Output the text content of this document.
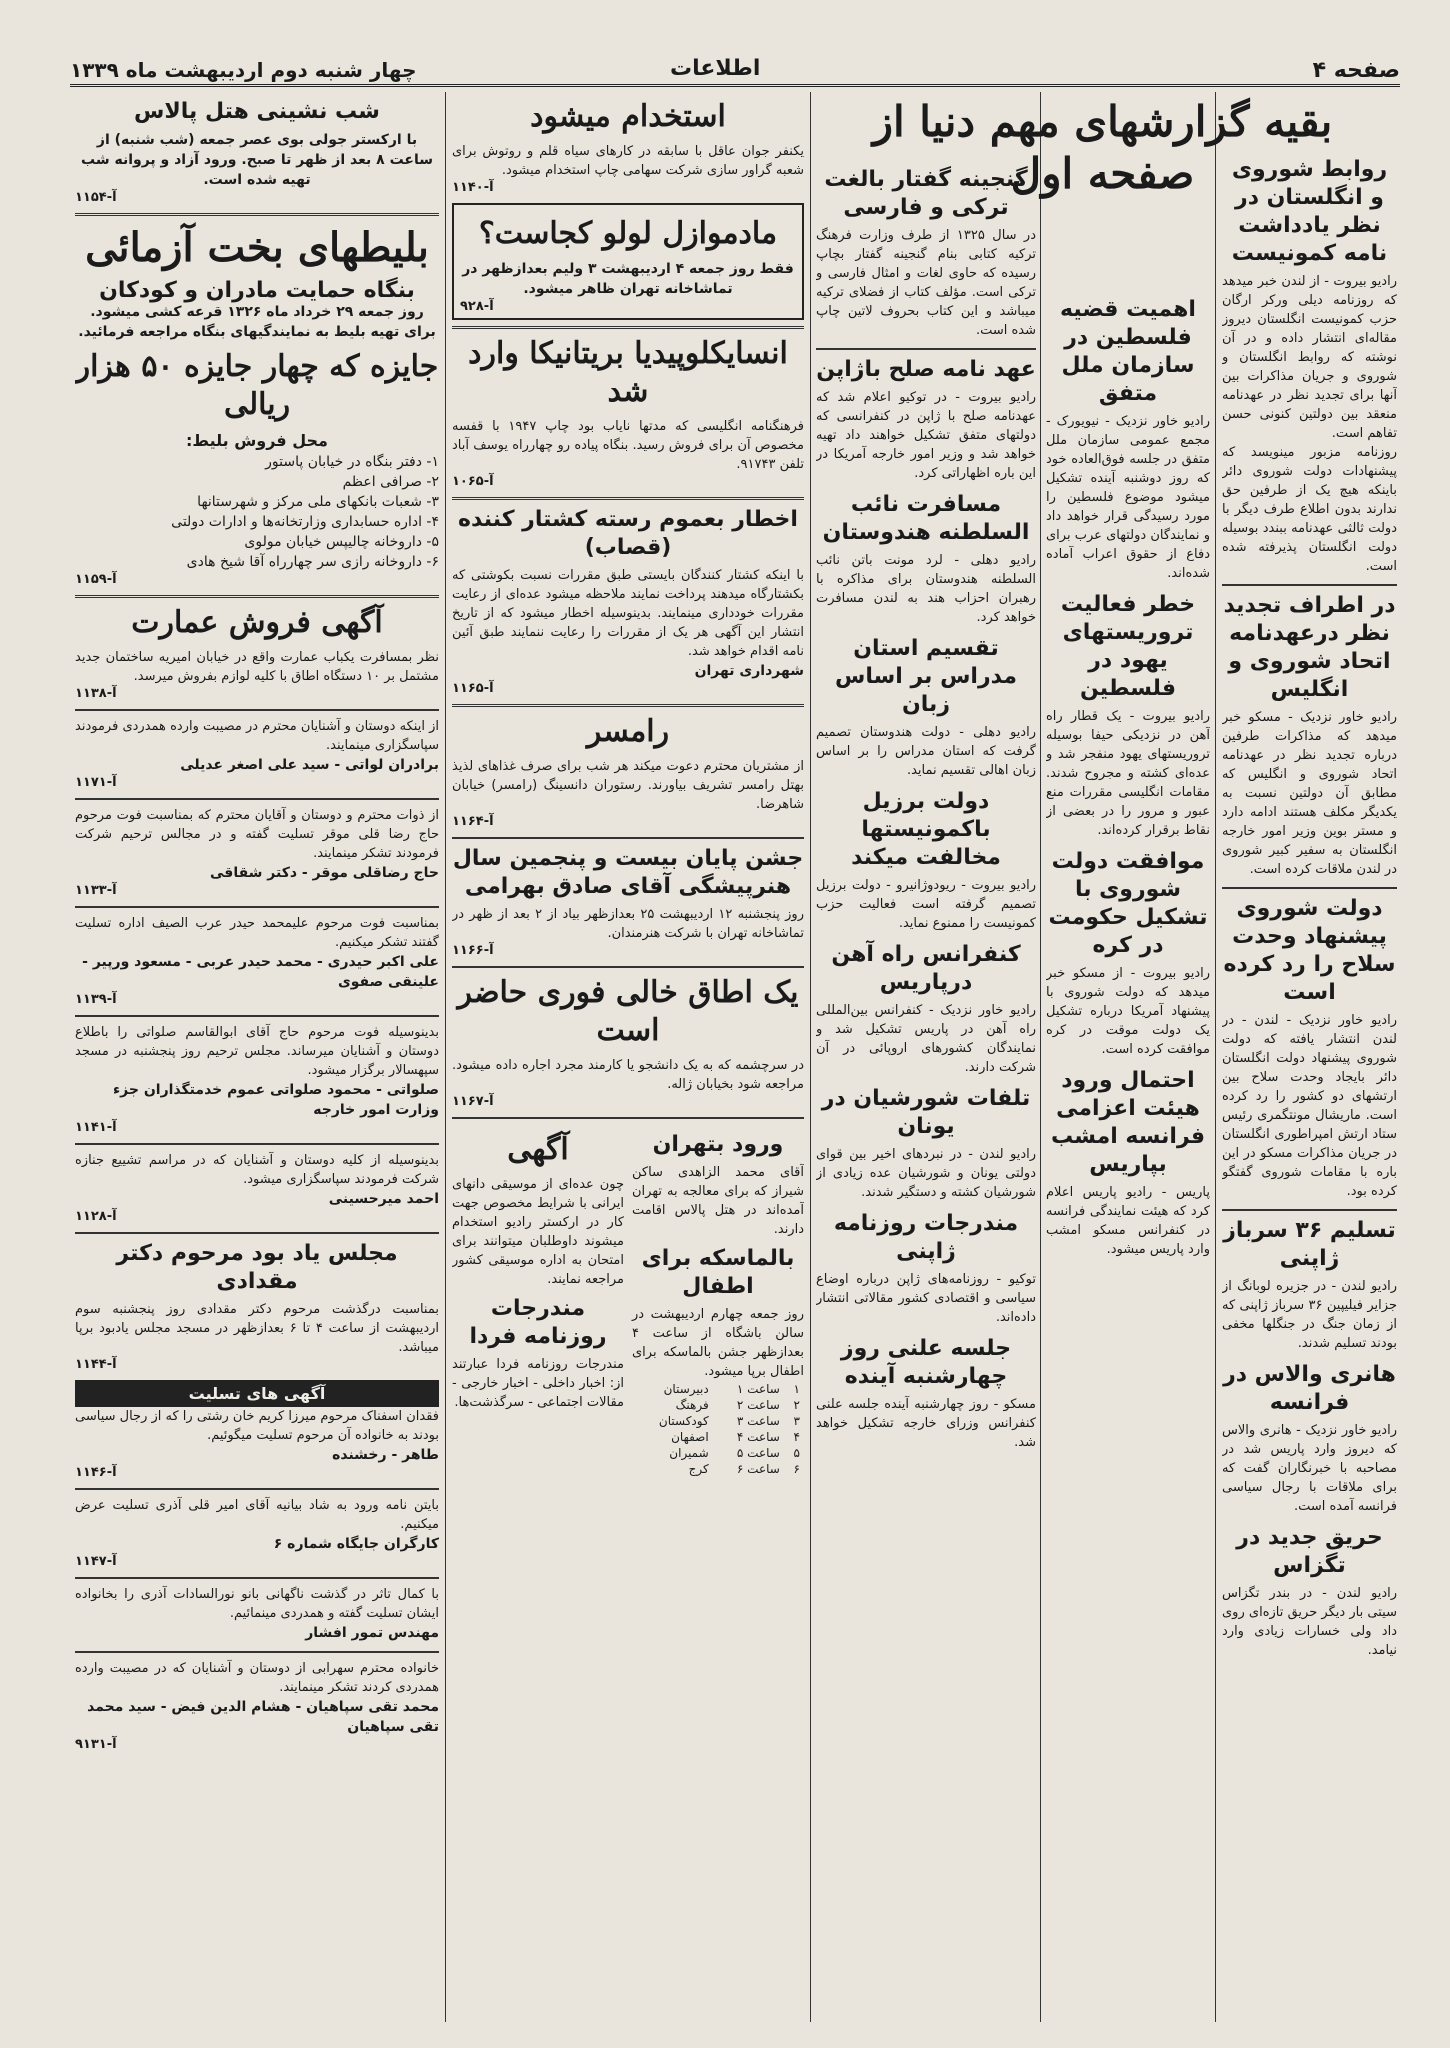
صفحه ۴
اطلاعات
چهار شنبه دوم اردیبهشت ماه ۱۳۳۹
بقیه گزارشهای مهم دنیا از صفحه اول	روابط شوروی و انگلستان در نظر یادداشت نامه کمونیست
رادیو بیروت - از لندن خبر میدهد که روزنامه دیلی ورکر ارگان حزب کمونیست انگلستان دیروز مقاله‌ای انتشار داده و در آن نوشته که روابط انگلستان و شوروی و جریان مذاکرات بین آنها برای تجدید نظر در عهدنامه منعقد بین دولتین کنونی حسن تفاهم است.
روزنامه مزبور مینویسد که پیشنهادات دولت شوروی دائر باینکه هیچ یک از طرفین حق ندارند بدون اطلاع طرف دیگر با دولت ثالثی عهدنامه ببندد بوسیله دولت انگلستان پذیرفته شده است.
در اطراف تجدید نظر درعهدنامه اتحاد شوروی و انگلیس
رادیو خاور نزدیک - مسکو خبر میدهد که مذاکرات طرفین درباره تجدید نظر در عهدنامه اتحاد شوروی و انگلیس که مطابق آن دولتین نسبت به یکدیگر مکلف هستند ادامه دارد و مستر بوین وزیر امور خارجه انگلستان به سفیر کبیر شوروی در لندن ملاقات کرده است.
دولت شوروی پیشنهاد وحدت سلاح را رد کرده است
رادیو خاور نزدیک - لندن - در لندن انتشار یافته که دولت شوروی پیشنهاد دولت انگلستان دائر بایجاد وحدت سلاح بین ارتشهای دو کشور را رد کرده است. ماریشال مونتگمری رئیس ستاد ارتش امپراطوری انگلستان در جریان مذاکرات مسکو در این باره با مقامات شوروی گفتگو کرده بود.
تسلیم ۳۶ سرباز ژاپنی
رادیو لندن - در جزیره لوبانگ از جزایر فیلیپین ۳۶ سرباز ژاپنی که از زمان جنگ در جنگلها مخفی بودند تسلیم شدند.
هانری والاس در فرانسه
رادیو خاور نزدیک - هانری والاس که دیروز وارد پاریس شد در مصاحبه با خبرنگاران گفت که برای ملاقات با رجال سیاسی فرانسه آمده است.
حریق جدید در تگزاس
رادیو لندن - در بندر تگزاس سیتی بار دیگر حریق تازه‌ای روی داد ولی خسارات زیادی وارد نیامد.
اهمیت قضیه فلسطین در سازمان ملل متفق
رادیو خاور نزدیک - نیویورک - مجمع عمومی سازمان ملل متفق در جلسه فوق‌العاده خود که روز دوشنبه آینده تشکیل میشود موضوع فلسطین را مورد رسیدگی قرار خواهد داد و نمایندگان دولتهای عرب برای دفاع از حقوق اعراب آماده شده‌اند.
خطر فعالیت تروریستهای یهود در فلسطین
رادیو بیروت - یک قطار راه آهن در نزدیکی حیفا بوسیله تروریستهای یهود منفجر شد و عده‌ای کشته و مجروح شدند. مقامات انگلیسی مقررات منع عبور و مرور را در بعضی از نقاط برقرار کرده‌اند.
موافقت دولت شوروی با تشکیل حکومت در کره
رادیو بیروت - از مسکو خبر میدهد که دولت شوروی با پیشنهاد آمریکا درباره تشکیل یک دولت موقت در کره موافقت کرده است.
احتمال ورود هیئت اعزامی فرانسه امشب بپاریس
پاریس - رادیو پاریس اعلام کرد که هیئت نمایندگی فرانسه در کنفرانس مسکو امشب وارد پاریس میشود.
گنجینه گفتار بالغت ترکی و فارسی
در سال ۱۳۲۵ از طرف وزارت فرهنگ ترکیه کتابی بنام گنجینه گفتار بچاپ رسیده که حاوی لغات و امثال فارسی و ترکی است. مؤلف کتاب از فضلای ترکیه میباشد و این کتاب بحروف لاتین چاپ شده است.
عهد نامه صلح باژاپن
رادیو بیروت - در توکیو اعلام شد که عهدنامه صلح با ژاپن در کنفرانسی که دولتهای متفق تشکیل خواهند داد تهیه خواهد شد و وزیر امور خارجه آمریکا در این باره اظهاراتی کرد.
مسافرت نائب السلطنه هندوستان
رادیو دهلی - لرد مونت باتن نائب السلطنه هندوستان برای مذاکره با رهبران احزاب هند به لندن مسافرت خواهد کرد.
تقسیم استان مدراس بر اساس زبان
رادیو دهلی - دولت هندوستان تصمیم گرفت که استان مدراس را بر اساس زبان اهالی تقسیم نماید.
دولت برزیل باکمونیستها مخالفت میکند
رادیو بیروت - ریودوژانیرو - دولت برزیل تصمیم گرفته است فعالیت حزب کمونیست را ممنوع نماید.
کنفرانس راه آهن درپاریس
رادیو خاور نزدیک - کنفرانس بین‌المللی راه آهن در پاریس تشکیل شد و نمایندگان کشورهای اروپائی در آن شرکت دارند.
تلفات شورشیان در یونان
رادیو لندن - در نبردهای اخیر بین قوای دولتی یونان و شورشیان عده زیادی از شورشیان کشته و دستگیر شدند.
مندرجات روزنامه ژاپنی
توکیو - روزنامه‌های ژاپن درباره اوضاع سیاسی و اقتصادی کشور مقالاتی انتشار داده‌اند.
جلسه علنی روز چهارشنبه آینده
مسکو - روز چهارشنبه آینده جلسه علنی کنفرانس وزرای خارجه تشکیل خواهد شد.
استخدام میشود
یکنفر جوان عاقل با سابقه در کارهای سیاه قلم و روتوش برای شعبه گراور سازی شرکت سهامی چاپ استخدام میشود.
۱۱۴۰-آ
مادموازل لولو کجاست؟
فقط روز جمعه ۴ اردیبهشت ۳ ولیم بعدازظهر در تماشاخانه تهران ظاهر میشود.
۹۲۸-آ
انسایکلوپیدیا بریتانیکا وارد شد
فرهنگنامه انگلیسی که مدتها نایاب بود چاپ ۱۹۴۷ با قفسه مخصوص آن برای فروش رسید. بنگاه پیاده رو چهارراه یوسف آباد تلفن ۹۱۷۴۳.
۱۰۶۵-آ
اخطار بعموم رسته کشتار کننده (قصاب)
با اینکه کشتار کنندگان بایستی طبق مقررات نسبت بکوشتی که بکشتارگاه میدهند پرداخت نمایند ملاحظه میشود عده‌ای از رعایت مقررات خودداری مینمایند. بدینوسیله اخطار میشود که از تاریخ انتشار این آگهی هر یک از مقررات را رعایت ننمایند طبق آئین نامه اقدام خواهد شد.
شهرداری تهران
۱۱۶۵-آ
رامسر
از مشتریان محترم دعوت میکند هر شب برای صرف غذاهای لذیذ بهتل رامسر تشریف بیاورند. رستوران دانسینگ (رامسر) خیابان شاهرضا.
۱۱۶۴-آ
جشن پایان بیست و پنجمین سال هنرپیشگی آقای صادق بهرامی
روز پنجشنبه ۱۲ اردیبهشت ۲۵ بعدازظهر بیاد از ۲ بعد از ظهر در تماشاخانه تهران با شرکت هنرمندان.
۱۱۶۶-آ
یک اطاق خالی فوری حاضر است
در سرچشمه که به یک دانشجو یا کارمند مجرد اجاره داده میشود. مراجعه شود بخیابان ژاله.
۱۱۶۷-آ
ورود بتهران
آقای محمد الزاهدی ساکن شیراز که برای معالجه به تهران آمده‌اند در هتل پالاس اقامت دارند.
بالماسکه برای اطفال
روز جمعه چهارم اردیبهشت در سالن باشگاه از ساعت ۴ بعدازظهر جشن بالماسکه برای اطفال برپا میشود.
۱	ساعت ۱	دبیرستان
۲	ساعت ۲	فرهنگ
۳	ساعت ۳	کودکستان
۴	ساعت ۴	اصفهان
۵	ساعت ۵	شمیران
۶	ساعت ۶	کرج
آگهی
چون عده‌ای از موسیقی دانهای ایرانی با شرایط مخصوص جهت کار در ارکستر رادیو استخدام میشوند داوطلبان میتوانند برای امتحان به اداره موسیقی کشور مراجعه نمایند.
مندرجات روزنامه فردا
مندرجات روزنامه فردا عبارتند از: اخبار داخلی - اخبار خارجی - مقالات اجتماعی - سرگذشت‌ها.
شب نشینی هتل پالاس
با ارکستر جولی بوی عصر جمعه (شب شنبه) از ساعت ۸ بعد از ظهر تا صبح. ورود آزاد و پروانه شب تهیه شده است.
۱۱۵۴-آ
بلیطهای بخت آزمائی
بنگاه حمایت مادران و کودکان
روز جمعه ۲۹ خرداد ماه ۱۳۲۶ قرعه کشی میشود. برای تهیه بلیط به نمایندگیهای بنگاه مراجعه فرمائید.
جایزه که چهار جایزه ۵۰ هزار ریالی
محل فروش بلیط:
۱- دفتر بنگاه در خیابان پاستور
۲- صرافی اعظم
۳- شعبات بانکهای ملی مرکز و شهرستانها
۴- اداره حسابداری وزارتخانه‌ها و ادارات دولتی
۵- داروخانه چالیپس خیابان مولوی
۶- داروخانه رازی سر چهارراه آقا شیخ هادی
۱۱۵۹-آ
آگهی فروش عمارت
نظر بمسافرت یکباب عمارت واقع در خیابان امیریه ساختمان جدید مشتمل بر ۱۰ دستگاه اطاق با کلیه لوازم بفروش میرسد.
۱۱۳۸-آ
از اینکه دوستان و آشنایان محترم در مصیبت وارده همدردی فرمودند سپاسگزاری مینمایند.
برادران لواتی - سید علی اصغر عدیلی
۱۱۷۱-آ
از ذوات محترم و دوستان و آقایان محترم که بمناسبت فوت مرحوم حاج رضا قلی موقر تسلیت گفته و در مجالس ترحیم شرکت فرمودند تشکر مینمایند.
حاج رضاقلی موقر - دکتر شقاقی
۱۱۳۳-آ
بمناسبت فوت مرحوم علیمحمد حیدر عرب الصیف اداره تسلیت گفتند تشکر میکنیم.
علی اکبر حیدری - محمد حیدر عربی - مسعود ورپیر - علینقی صفوی
۱۱۳۹-آ
بدینوسیله فوت مرحوم حاج آقای ابوالقاسم صلواتی را باطلاع دوستان و آشنایان میرساند. مجلس ترحیم روز پنجشنبه در مسجد سپهسالار برگزار میشود.
صلواتی - محمود صلواتی عموم خدمتگذاران جزء وزارت امور خارجه
۱۱۴۱-آ
بدینوسیله از کلیه دوستان و آشنایان که در مراسم تشییع جنازه شرکت فرمودند سپاسگزاری میشود.
احمد میرحسینی
۱۱۲۸-آ
مجلس یاد بود مرحوم دکتر مقدادی
بمناسبت درگذشت مرحوم دکتر مقدادی روز پنجشنبه سوم اردیبهشت از ساعت ۴ تا ۶ بعدازظهر در مسجد مجلس یادبود برپا میباشد.
۱۱۴۴-آ
آگهی های تسلیت
فقدان اسفناک مرحوم میرزا کریم خان رشتی را که از رجال سیاسی بودند به خانواده آن مرحوم تسلیت میگوئیم.
طاهر - رخشنده
۱۱۴۶-آ
بایتن نامه ورود به شاد بیانیه آقای امیر قلی آذری تسلیت عرض میکنیم.
کارگران جایگاه شماره ۶
۱۱۴۷-آ
با کمال تاثر در گذشت ناگهانی بانو نورالسادات آذری را بخانواده ایشان تسلیت گفته و همدردی مینمائیم.
مهندس تمور افشار
خانواده محترم سهرابی از دوستان و آشنایان که در مصیبت وارده همدردی کردند تشکر مینمایند.
محمد تقی سپاهیان - هشام الدین فیض - سید محمد تقی سپاهیان
۹۱۳۱-آ
